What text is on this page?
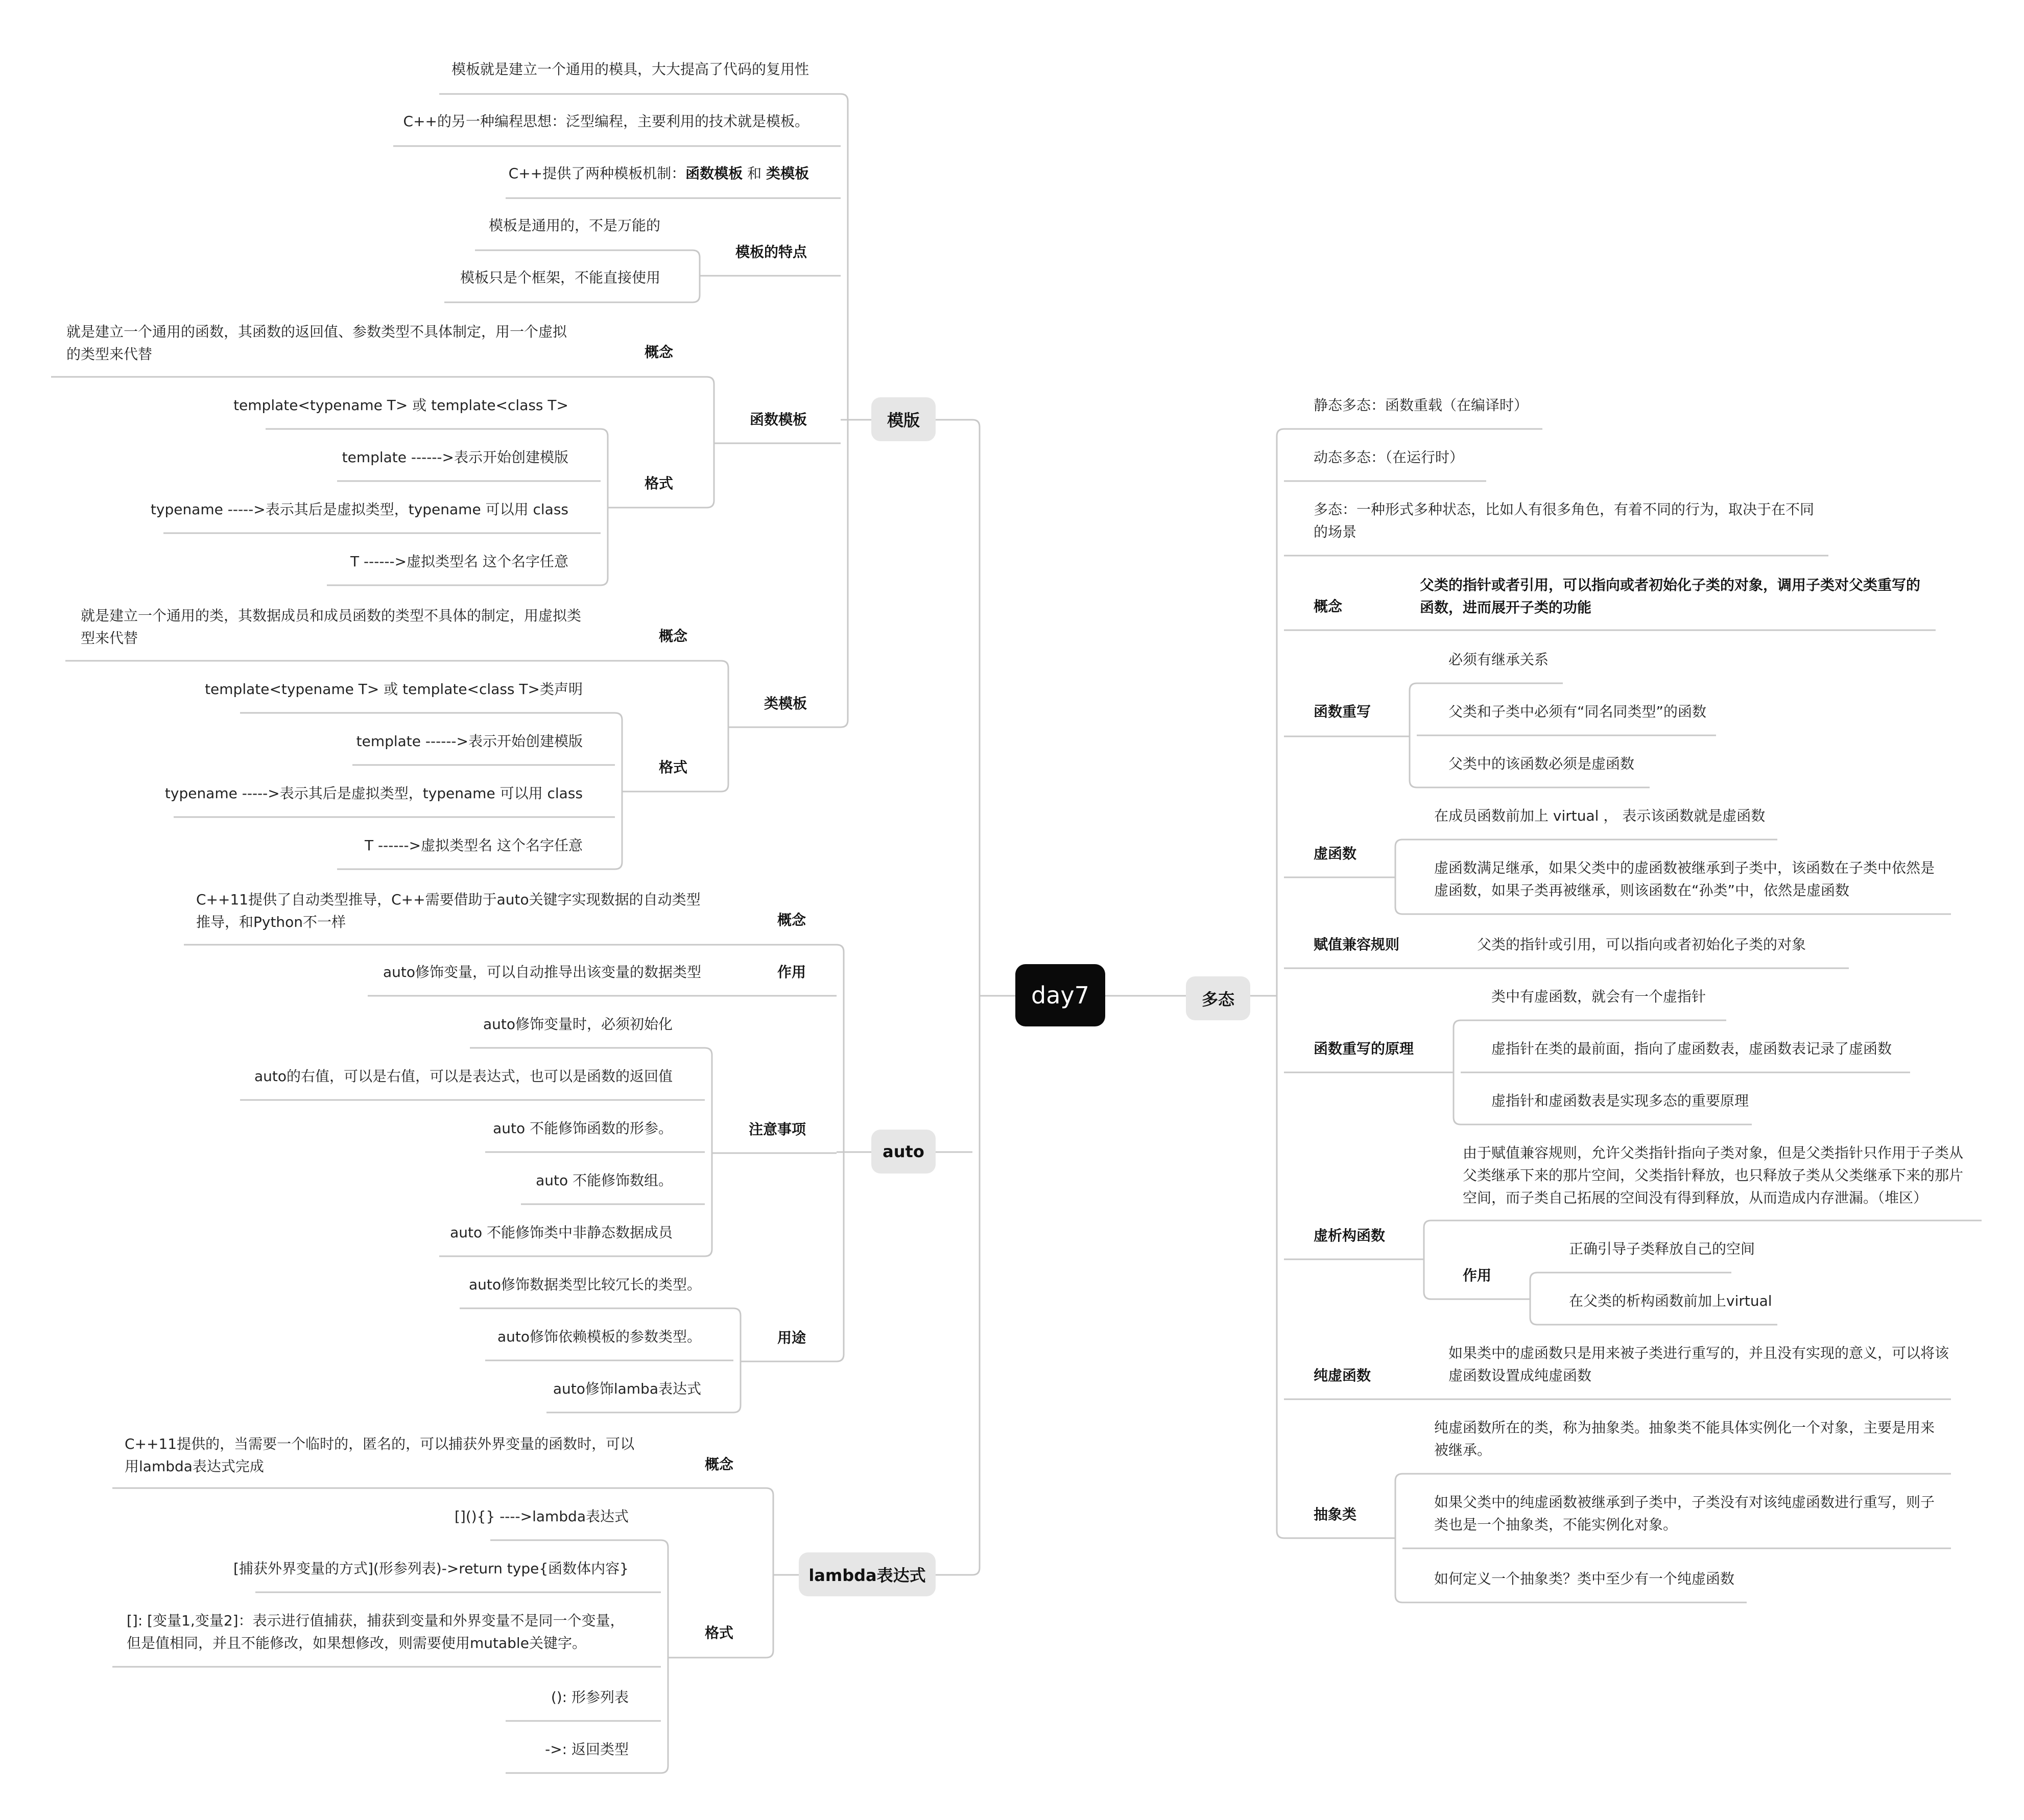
day7
模版
auto
lambda表达式
多态
模板就是建立一个通用的模具，大大提高了代码的复用性
C++的另一种编程思想：泛型编程，主要利用的技术就是模板。
C++提供了两种模板机制：函数模板 和 类模板
模板的特点
模板是通用的，不是万能的
模板只是个框架，不能直接使用
函数模板
概念
就是建立一个通用的函数，其函数的返回值、参数类型不具体制定，用一个虚拟的类型来代替
格式
template<typename T> 或 template<class T>
template ------>表示开始创建模版
typename ----->表示其后是虚拟类型，typename 可以用 class
T ------>虚拟类型名 这个名字任意
类模板
概念
就是建立一个通用的类，其数据成员和成员函数的类型不具体的制定，用虚拟类型来代替
格式
template<typename T> 或 template<class T>类声明
template ------>表示开始创建模版
typename ----->表示其后是虚拟类型，typename 可以用 class
T ------>虚拟类型名 这个名字任意
概念
C++11提供了自动类型推导，C++需要借助于auto关键字实现数据的自动类型推导，和Python不一样
作用
auto修饰变量，可以自动推导出该变量的数据类型
注意事项
auto修饰变量时，必须初始化
auto的右值，可以是右值，可以是表达式，也可以是函数的返回值
auto 不能修饰函数的形参。
auto 不能修饰数组。
auto 不能修饰类中非静态数据成员
用途
auto修饰数据类型比较冗长的类型。
auto修饰依赖模板的参数类型。
auto修饰lamba表达式
概念
C++11提供的，当需要一个临时的，匿名的，可以捕获外界变量的函数时，可以用lambda表达式完成
格式
[](){} ---->lambda表达式
[捕获外界变量的方式](形参列表)->return type{函数体内容}
[]: [变量1,变量2]：表示进行值捕获，捕获到变量和外界变量不是同一个变量，但是值相同，并且不能修改，如果想修改，则需要使用mutable关键字。
(): 形参列表
->: 返回类型
静态多态：函数重载（在编译时）
动态多态：（在运行时）
多态：一种形式多种状态，比如人有很多角色，有着不同的行为，取决于在不同的场景
概念
父类的指针或者引用，可以指向或者初始化子类的对象，调用子类对父类重写的函数，进而展开子类的功能
函数重写
必须有继承关系
父类和子类中必须有“同名同类型”的函数
父类中的该函数必须是虚函数
虚函数
在成员函数前加上 virtual ， 表示该函数就是虚函数
虚函数满足继承，如果父类中的虚函数被继承到子类中，该函数在子类中依然是虚函数，如果子类再被继承，则该函数在“孙类”中，依然是虚函数
赋值兼容规则	父类的指针或引用，可以指向或者初始化子类的对象
函数重写的原理
类中有虚函数，就会有一个虚指针
虚指针在类的最前面，指向了虚函数表，虚函数表记录了虚函数
虚指针和虚函数表是实现多态的重要原理
虚析构函数
由于赋值兼容规则，允许父类指针指向子类对象，但是父类指针只作用于子类从父类继承下来的那片空间，父类指针释放，也只释放子类从父类继承下来的那片空间，而子类自己拓展的空间没有得到释放，从而造成内存泄漏。（堆区）
作用
正确引导子类释放自己的空间
在父类的析构函数前加上virtual
纯虚函数
如果类中的虚函数只是用来被子类进行重写的，并且没有实现的意义，可以将该虚函数设置成纯虚函数
抽象类
纯虚函数所在的类，称为抽象类。抽象类不能具体实例化一个对象，主要是用来被继承。
如果父类中的纯虚函数被继承到子类中，子类没有对该纯虚函数进行重写，则子类也是一个抽象类，不能实例化对象。
如何定义一个抽象类？类中至少有一个纯虚函数
